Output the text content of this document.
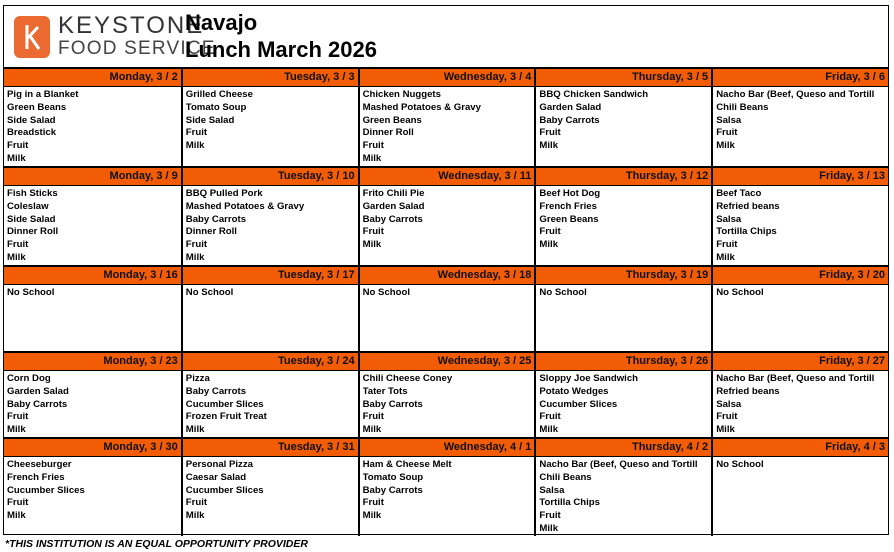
KEYSTONE
FOOD SERVICE
Navajo
Lunch March 2026
Monday, 3 / 2
Pig in a Blanket
Green Beans
Side Salad
Breadstick
Fruit
Milk
Tuesday, 3 / 3
Grilled Cheese
Tomato Soup
Side Salad
Fruit
Milk
Wednesday, 3 / 4
Chicken Nuggets
Mashed Potatoes & Gravy
Green Beans
Dinner Roll
Fruit
Milk
Thursday, 3 / 5
BBQ Chicken Sandwich
Garden Salad
Baby Carrots
Fruit
Milk
Friday, 3 / 6
Nacho Bar (Beef, Queso and Tortill
Chili Beans
Salsa
Fruit
Milk
Monday, 3 / 9
Fish Sticks
Coleslaw
Side Salad
Dinner Roll
Fruit
Milk
Tuesday, 3 / 10
BBQ Pulled Pork
Mashed Potatoes & Gravy
Baby Carrots
Dinner Roll
Fruit
Milk
Wednesday, 3 / 11
Frito Chili Pie
Garden Salad
Baby Carrots
Fruit
Milk
Thursday, 3 / 12
Beef Hot Dog
French Fries
Green Beans
Fruit
Milk
Friday, 3 / 13
Beef Taco
Refried beans
Salsa
Tortilla Chips
Fruit
Milk
Monday, 3 / 16
No School
Tuesday, 3 / 17
No School
Wednesday, 3 / 18
No School
Thursday, 3 / 19
No School
Friday, 3 / 20
No School
Monday, 3 / 23
Corn Dog
Garden Salad
Baby Carrots
Fruit
Milk
Tuesday, 3 / 24
Pizza
Baby Carrots
Cucumber Slices
Frozen Fruit Treat
Milk
Wednesday, 3 / 25
Chili Cheese Coney
Tater Tots
Baby Carrots
Fruit
Milk
Thursday, 3 / 26
Sloppy Joe Sandwich
Potato Wedges
Cucumber Slices
Fruit
Milk
Friday, 3 / 27
Nacho Bar (Beef, Queso and Tortill
Refried beans
Salsa
Fruit
Milk
Monday, 3 / 30
Cheeseburger
French Fries
Cucumber Slices
Fruit
Milk
Tuesday, 3 / 31
Personal Pizza
Caesar Salad
Cucumber Slices
Fruit
Milk
Wednesday, 4 / 1
Ham & Cheese Melt
Tomato Soup
Baby Carrots
Fruit
Milk
Thursday, 4 / 2
Nacho Bar (Beef, Queso and Tortill
Chili Beans
Salsa
Tortilla Chips
Fruit
Milk
Friday, 4 / 3
No School
*THIS INSTITUTION IS AN EQUAL OPPORTUNITY PROVIDER
